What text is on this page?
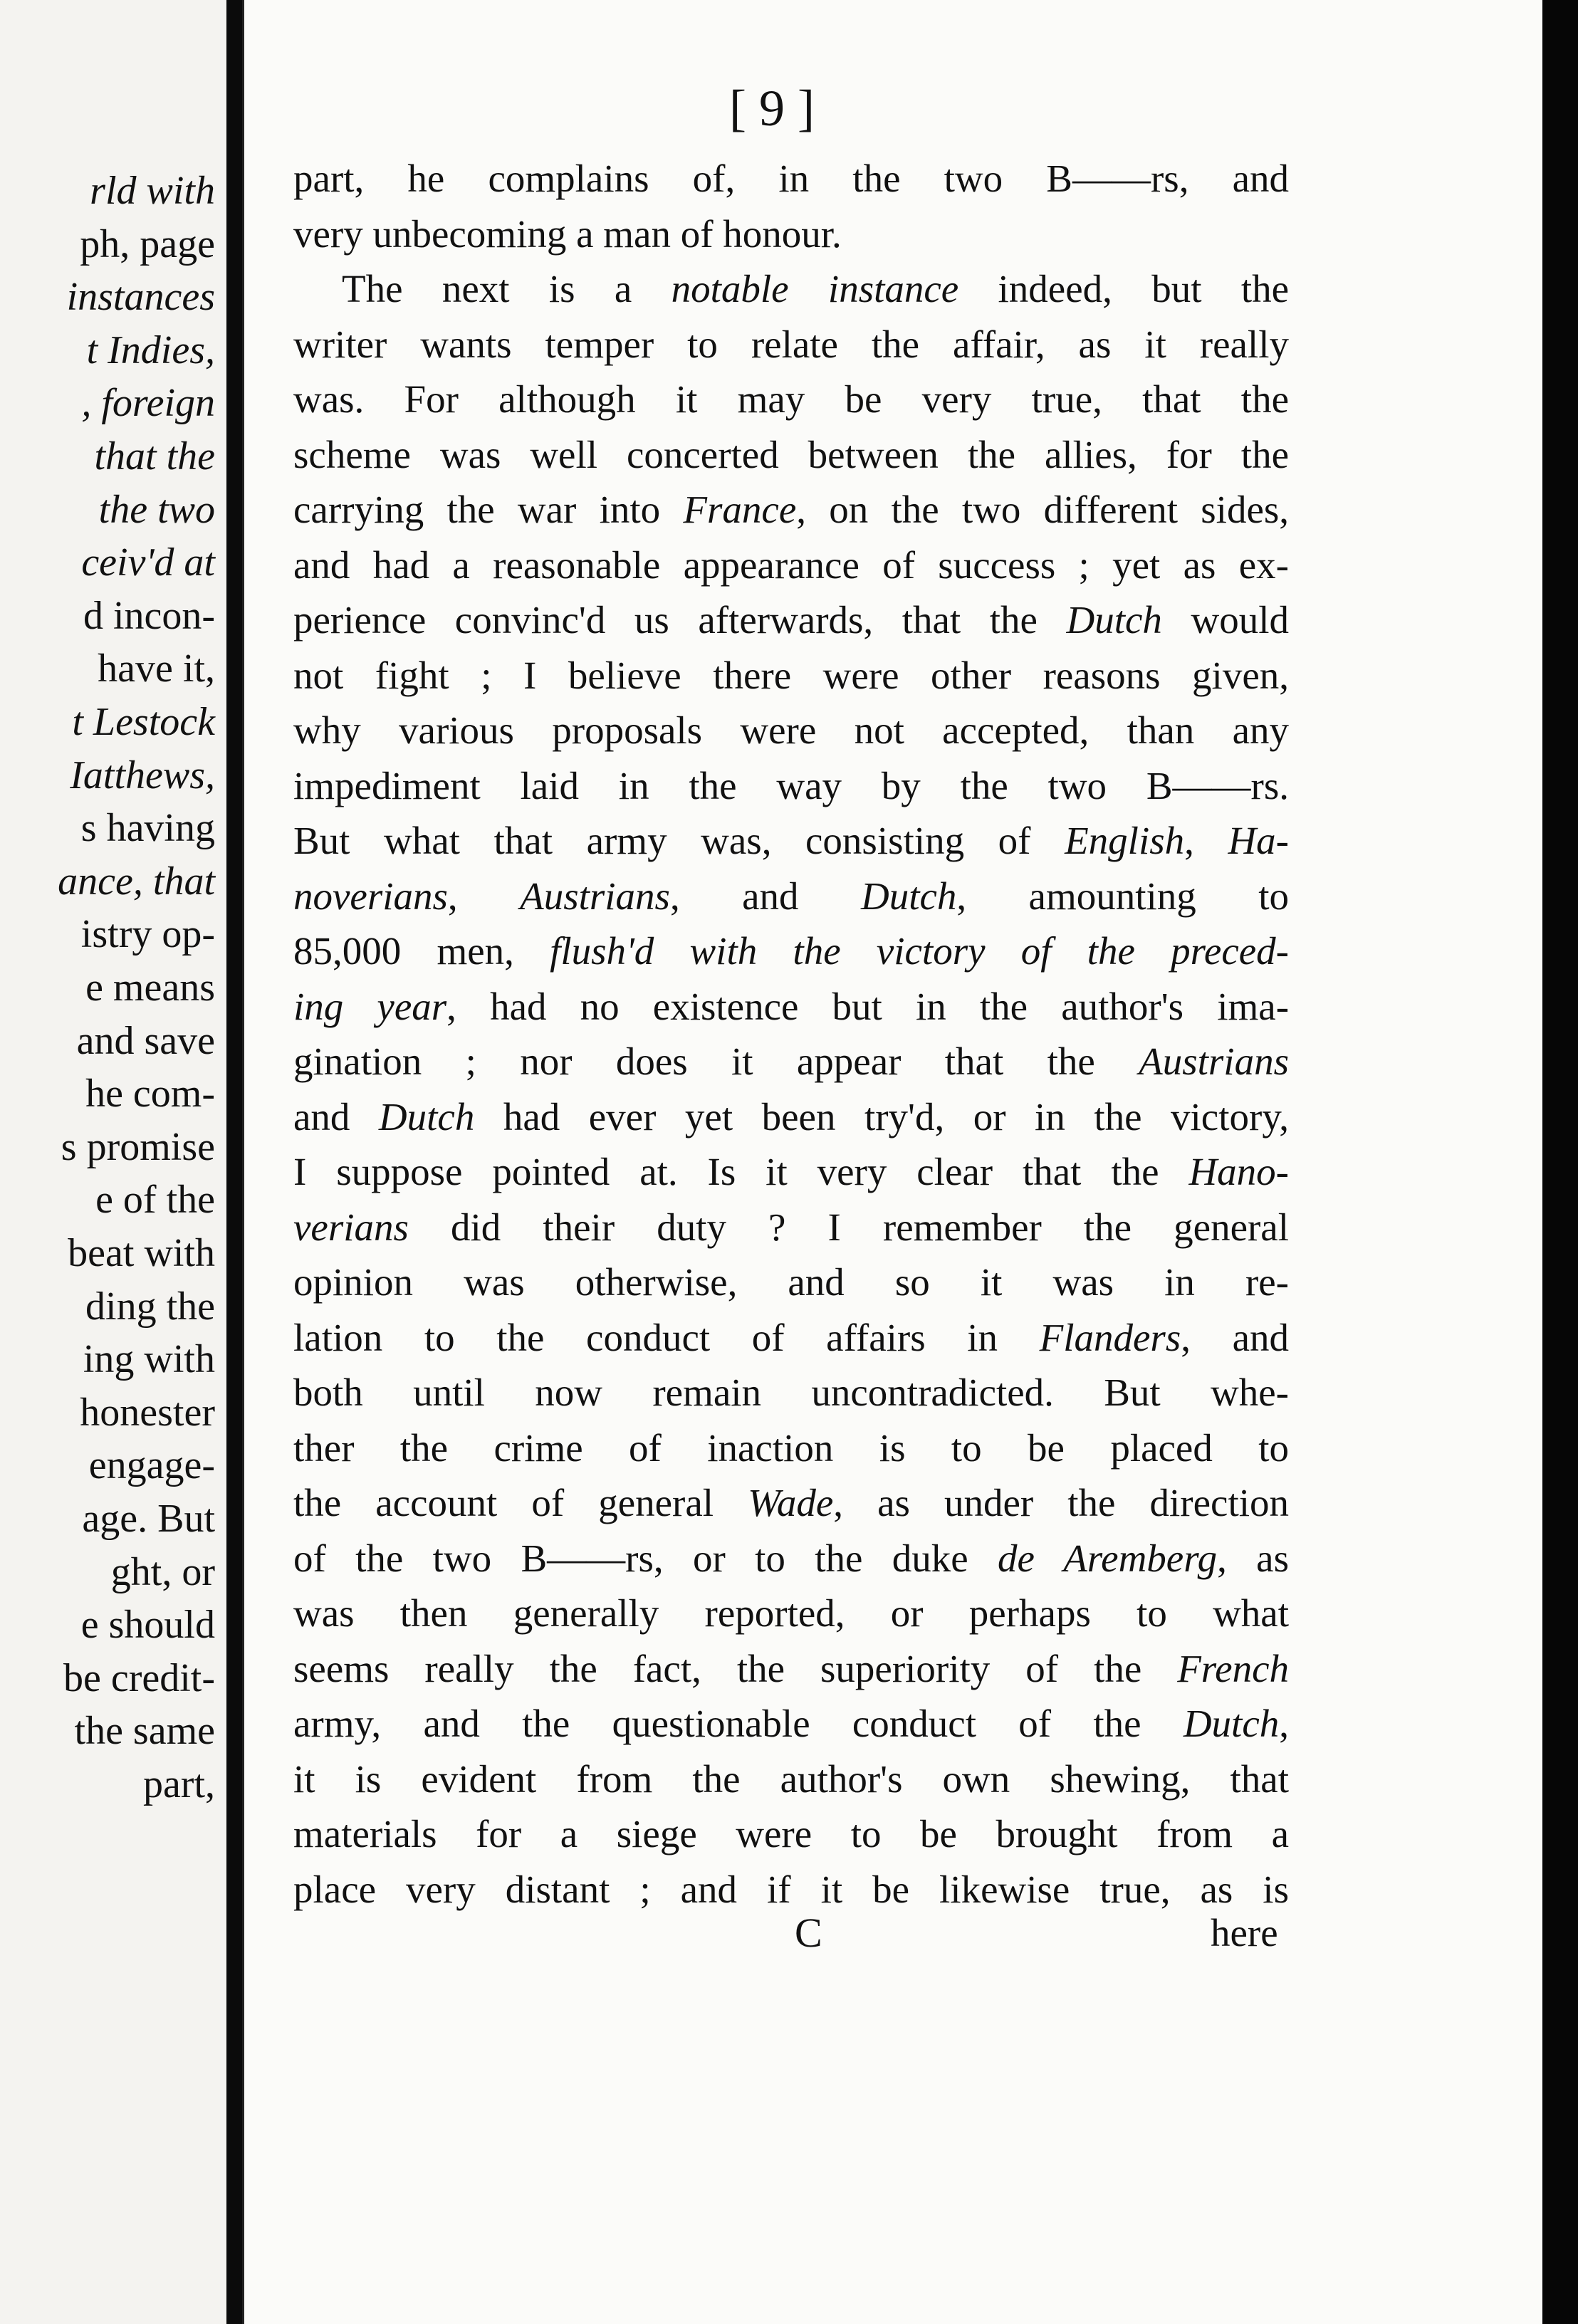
rld with
ph, page
instances
t Indies,
, foreign
that the
the two
ceiv'd at
d incon-
have it,
t Lestock
Iatthews,
s having
ance, that
istry op-
e means
and save
he com-
s promise
e of the
beat with
ding the
ing with
honester
engage-
age. But
ght, or
e should
be credit-
the same
part,
[ 9 ]
part, he complains of, in the two B——rs, and
very unbecoming a man of honour.
The next is a notable instance indeed, but the
writer wants temper to relate the affair, as it really
was. For although it may be very true, that the
scheme was well concerted between the allies, for the
carrying the war into France, on the two different sides,
and had a reasonable appearance of success ; yet as ex-
perience convinc'd us afterwards, that the Dutch would
not fight ; I believe there were other reasons given,
why various proposals were not accepted, than any
impediment laid in the way by the two B——rs.
But what that army was, consisting of English, Ha-
noverians, Austrians, and Dutch, amounting to
85,000 men, flush'd with the victory of the preced-
ing year, had no existence but in the author's ima-
gination ; nor does it appear that the Austrians
and Dutch had ever yet been try'd, or in the victory,
I suppose pointed at. Is it very clear that the Hano-
verians did their duty ? I remember the general
opinion was otherwise, and so it was in re-
lation to the conduct of affairs in Flanders, and
both until now remain uncontradicted. But whe-
ther the crime of inaction is to be placed to
the account of general Wade, as under the direction
of the two B——rs, or to the duke de Aremberg, as
was then generally reported, or perhaps to what
seems really the fact, the superiority of the French
army, and the questionable conduct of the Dutch,
it is evident from the author's own shewing, that
materials for a siege were to be brought from a
place very distant ; and if it be likewise true, as is
C	here
